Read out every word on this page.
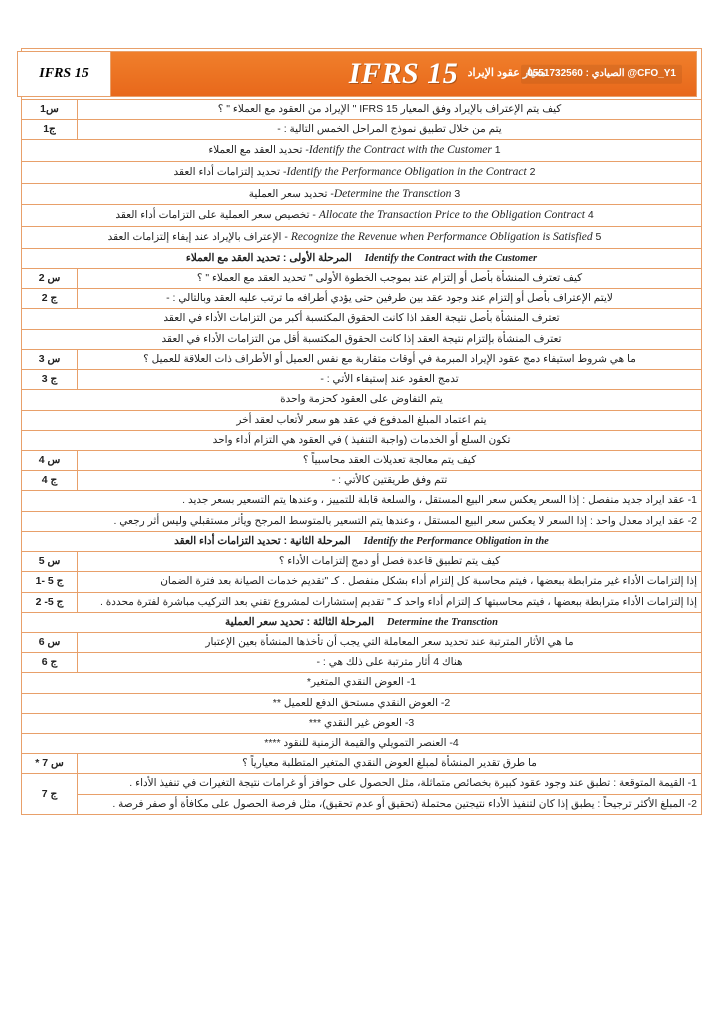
IFRS 15 معيار عقود الإيراد
0551732560 : الصيادي @CFO_Y1
IFRS 15	

كيف يتم الإعتراف بالإيراد وفق المعيار IFRS 15 " الإيراد من العقود مع العملاء " ؟	س1
يتم من خلال تطبيق نموذج المراحل الخمس التالية : -	ج1
Identify the Contract with the Customer 1- تحديد العقد مع العملاء	
Identify the Performance Obligation in the Contract 2- تحديد إلتزامات أداء العقد	
Determine the Transction 3- تحديد سعر العملية	
Allocate the Transaction Price to the Obligation Contract 4 - تخصيص سعر العملية على التزامات أداء العقد	
Recognize the Revenue when Performance Obligation is Satisfied 5 - الإعتراف بالإيراد عند إيفاء إلتزامات العقد	
Identify the Contract with the Customer المرحلة الأولى : تحديد العقد مع العملاء	
كيف تعترف المنشأة بأصل أو إلتزام عند بموجب الخطوة الأولى " تحديد العقد مع العملاء " ؟	س 2
لايتم الإعتراف بأصل أو إلتزام عند وجود عقد بين طرفين حتى يؤدي أطرافه ما ترتب عليه العقد وبالتالي : -	ج 2
تعترف المنشأة بأصل نتيجة العقد اذا كانت الحقوق المكتسبة أكبر من التزامات الأداء في العقد	
تعترف المنشأة بإلتزام نتيجة العقد إذا كانت الحقوق المكتسبة أقل من التزامات الأداء في العقد	
ما هي شروط استيفاء دمج عقود الإيراد المبرمة في أوقات متقاربة مع نفس العميل أو الأطراف ذات العلاقة للعميل ؟	س 3
تدمج العقود عند إستيفاء الأتي : -	ج 3
يتم التفاوض على العقود كحزمة واحدة	
يتم اعتماد المبلغ المدفوع في عقد هو سعر لأتعاب لعقد أخر	
تكون السلع أو الخدمات (واجبة التنفيذ ) في العقود هي التزام أداء واحد	
كيف يتم معالجة تعديلات العقد محاسبياً ؟	س 4
تتم وفق طريقتين كالأتي : -	ج 4
1- عقد ايراد جديد منفصل : إذا السعر يعكس سعر البيع المستقل ، والسلعة قابلة للتمييز ، وعندها يتم التسعير بسعر جديد .	
2- عقد ايراد معدل واحد : إذا السعر لا يعكس سعر البيع المستقل ، وعندها يتم التسعير بالمتوسط المرجح ويأثر مستقبلي وليس أثر رجعي .	
Identify the Performance Obligation in the المرحلة الثانية : تحديد التزامات أداء العقد	
كيف يتم تطبيق قاعدة فصل أو دمج إلتزامات الأداء ؟	س 5
إذا إلتزامات الأداء غير مترابطة ببعضها ، فيتم محاسبة كل إلتزام أداء بشكل منفصل . كـ "تقديم خدمات الصيانة بعد فترة الضمان	ج 5 -1
إذا إلتزامات الأداء مترابطة ببعضها ، فيتم محاسبتها كـ إلتزام أداء واحد كـ " تقديم إستشارات لمشروع تقني بعد التركيب مباشرة لفترة محددة .	ج 5- 2
Determine the Transction المرحلة الثالثة : تحديد سعر العملية	
ما هي الأثار المترتبة عند تحديد سعر المعاملة التي يجب أن تأخذها المنشأة بعين الإعتبار	س 6
هناك 4 أثار مترتبة على ذلك هي : -	ج 6
1- العوض النقدي المتغير*	
2- العوض النقدي مستحق الدفع للعميل **	
3- العوض غير النقدي ***	
4- العنصر التمويلي والقيمة الزمنية للنقود ****	
ما طرق تقدير المنشأة لمبلغ العوض النقدي المتغير المتطلبة معيارياً ؟	س 7 *
1- القيمة المتوقعة : تطبق عند وجود عقود كبيرة بخصائص متماثلة، مثل الحصول على حوافز أو غرامات نتيجة التغيرات في تنفيذ الأداء .	ج 7
2- المبلغ الأكثر ترجيحاً : يطبق إذا كان لتنفيذ الأداء نتيجتين محتملة (تحقيق أو عدم تحقيق)، مثل فرصة الحصول على مكافأة أو صفر فرصة .	
